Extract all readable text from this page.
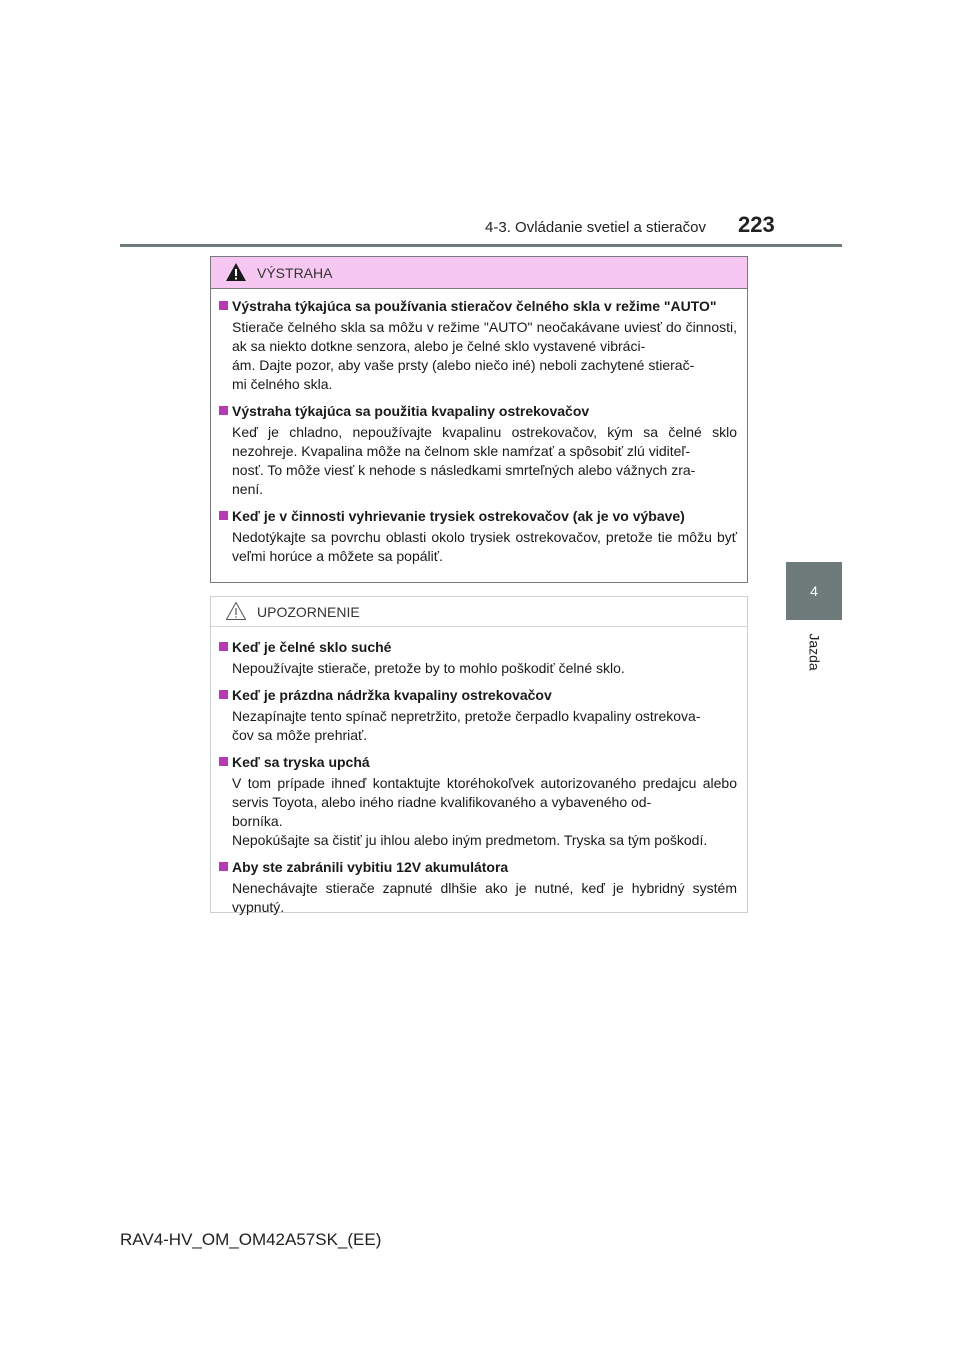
4-3. Ovládanie svetiel a stieračov 223
4
Jazda
VÝSTRAHA
Výstraha týkajúca sa používania stieračov čelného skla v režime "AUTO"
Stierače čelného skla sa môžu v režime "AUTO" neočakávane uviesť do činnosti, ak sa niekto dotkne senzora, alebo je čelné sklo vystavené vibráci-
ám. Dajte pozor, aby vaše prsty (alebo niečo iné) neboli zachytené stierač-
mi čelného skla.
Výstraha týkajúca sa použitia kvapaliny ostrekovačov
Keď je chladno, nepoužívajte kvapalinu ostrekovačov, kým sa čelné sklo nezohreje. Kvapalina môže na čelnom skle namŕzať a spôsobiť zlú viditeľ-
nosť. To môže viesť k nehode s následkami smrteľných alebo vážnych zra-
není.
Keď je v činnosti vyhrievanie trysiek ostrekovačov (ak je vo výbave)
Nedotýkajte sa povrchu oblasti okolo trysiek ostrekovačov, pretože tie môžu byť veľmi horúce a môžete sa popáliť.
UPOZORNENIE
Keď je čelné sklo suché
Nepoužívajte stierače, pretože by to mohlo poškodiť čelné sklo.
Keď je prázdna nádržka kvapaliny ostrekovačov
Nezapínajte tento spínač nepretržito, pretože čerpadlo kvapaliny ostrekova-
čov sa môže prehriať.
Keď sa tryska upchá
V tom prípade ihneď kontaktujte ktoréhokoľvek autorizovaného predajcu alebo servis Toyota, alebo iného riadne kvalifikovaného a vybaveného od-
borníka.
Nepokúšajte sa čistiť ju ihlou alebo iným predmetom. Tryska sa tým poškodí.
Aby ste zabránili vybitiu 12V akumulátora
Nenechávajte stierače zapnuté dlhšie ako je nutné, keď je hybridný systém vypnutý.
RAV4-HV_OM_OM42A57SK_(EE)
